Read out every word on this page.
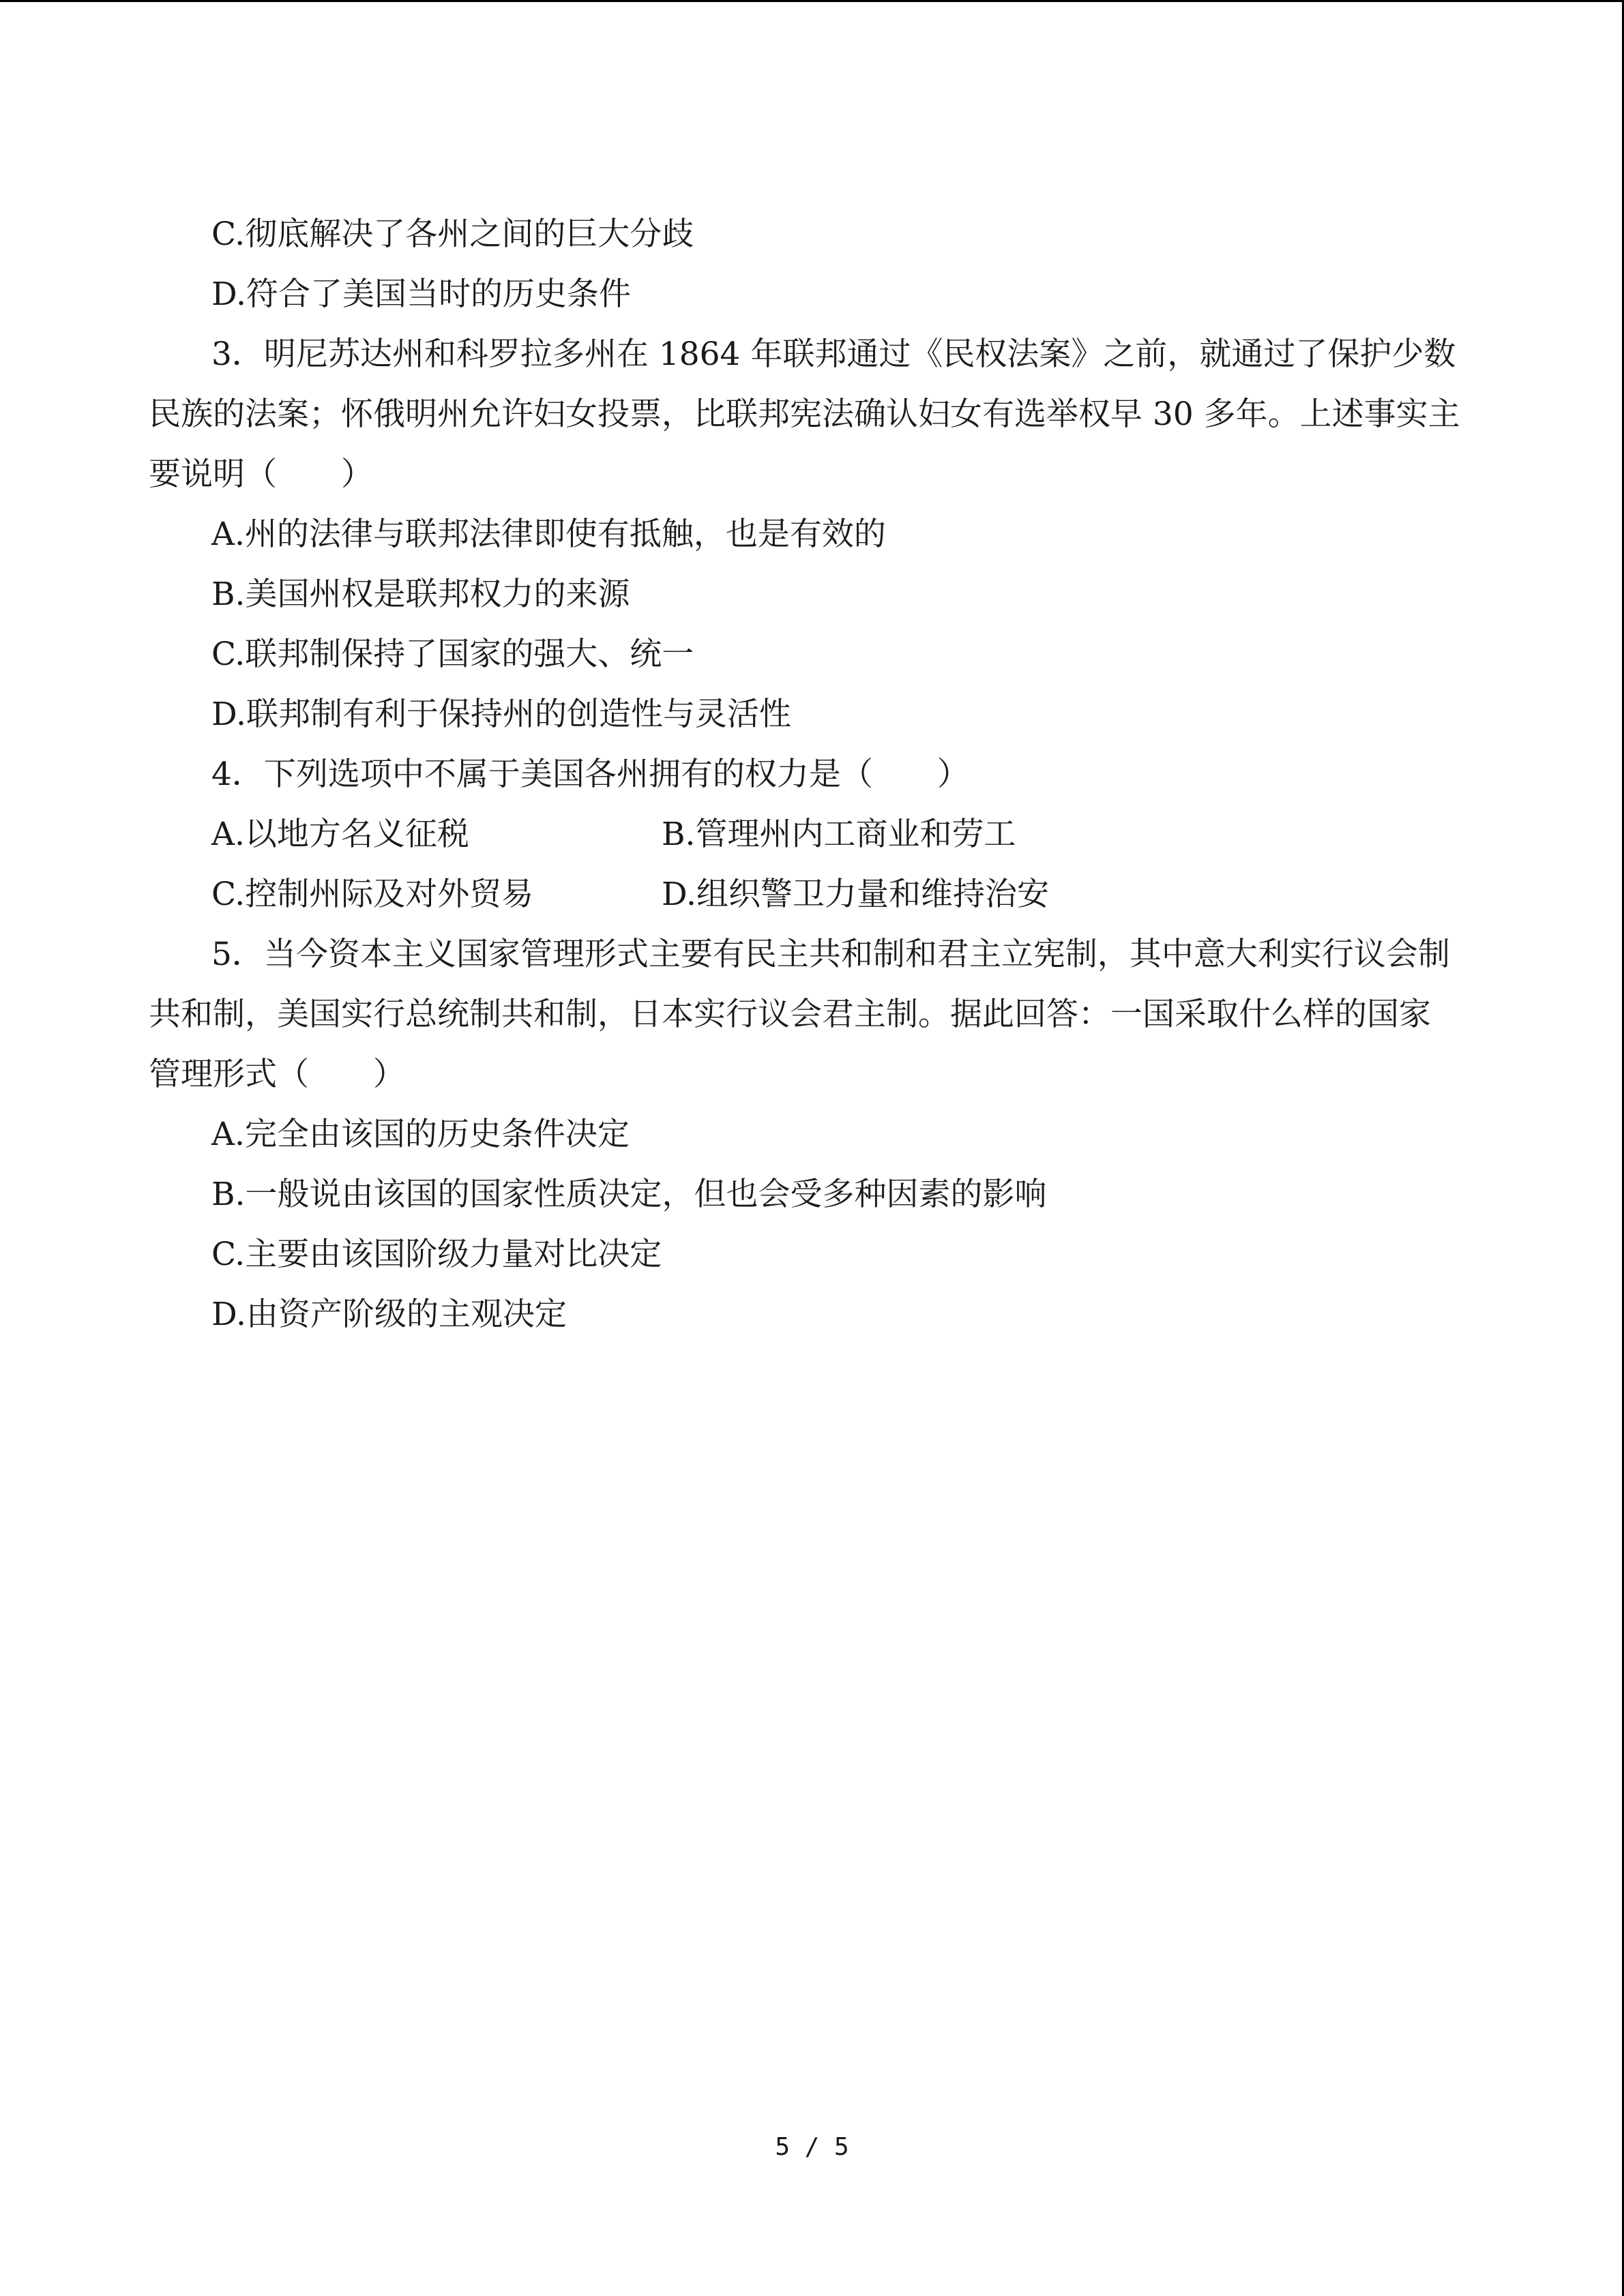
C.彻底解决了各州之间的巨大分歧
D.符合了美国当时的历史条件
3．明尼苏达州和科罗拉多州在 1864 年联邦通过《民权法案》之前，就通过了保护少数
民族的法案；怀俄明州允许妇女投票，比联邦宪法确认妇女有选举权早 30 多年。上述事实主
要说明（　　）
A.州的法律与联邦法律即使有抵触，也是有效的
B.美国州权是联邦权力的来源
C.联邦制保持了国家的强大、统一
D.联邦制有利于保持州的创造性与灵活性
4．下列选项中不属于美国各州拥有的权力是（　　）
A.以地方名义征税	B.管理州内工商业和劳工
C.控制州际及对外贸易	D.组织警卫力量和维持治安
5．当今资本主义国家管理形式主要有民主共和制和君主立宪制，其中意大利实行议会制
共和制，美国实行总统制共和制，日本实行议会君主制。据此回答：一国采取什么样的国家
管理形式（　　）
A.完全由该国的历史条件决定
B.一般说由该国的国家性质决定，但也会受多种因素的影响
C.主要由该国阶级力量对比决定
D.由资产阶级的主观决定
5 / 5
